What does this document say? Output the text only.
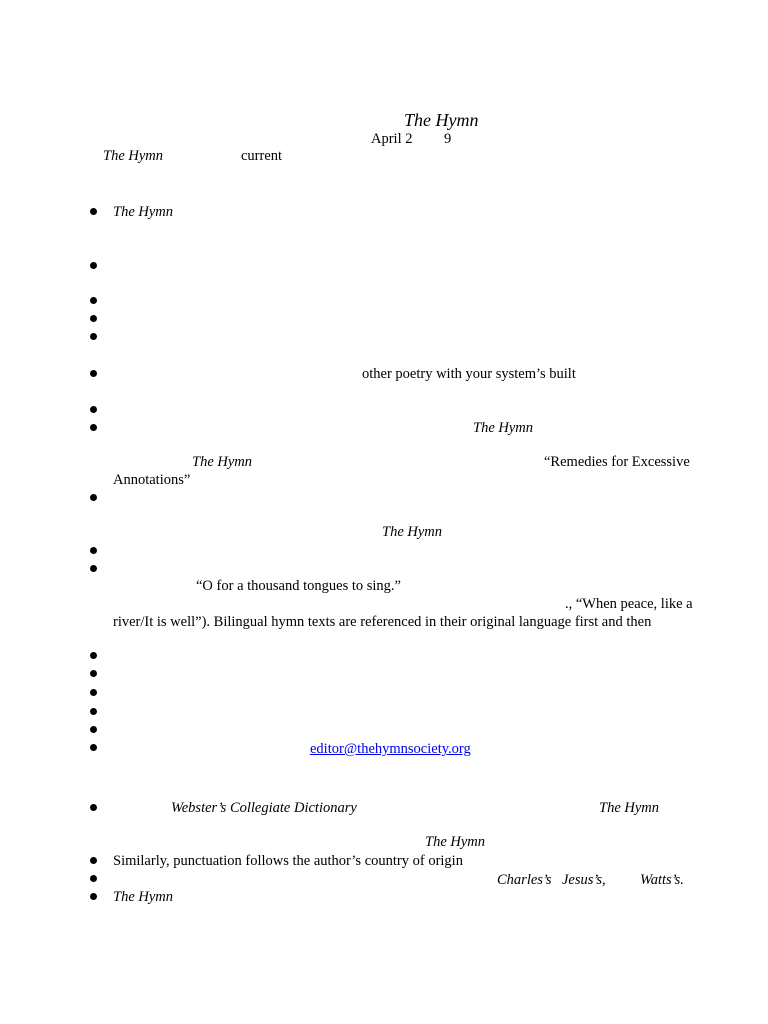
The Hymn
April 2 9
The Hymn	current
The Hymn
other poetry with your system’s built
The Hymn
The Hymn	“Remedies for Excessive
Annotations”
The Hymn
“O for a thousand tongues to sing.”
., “When peace, like a
river/It is well”). Bilingual hymn texts are referenced in their original language first and then
editor@thehymnsociety.org
Webster’s Collegiate Dictionary	The Hymn
The Hymn
Similarly, punctuation follows the author’s country of origin
Charles’s Jesus’s, Watts’s.
The Hymn
